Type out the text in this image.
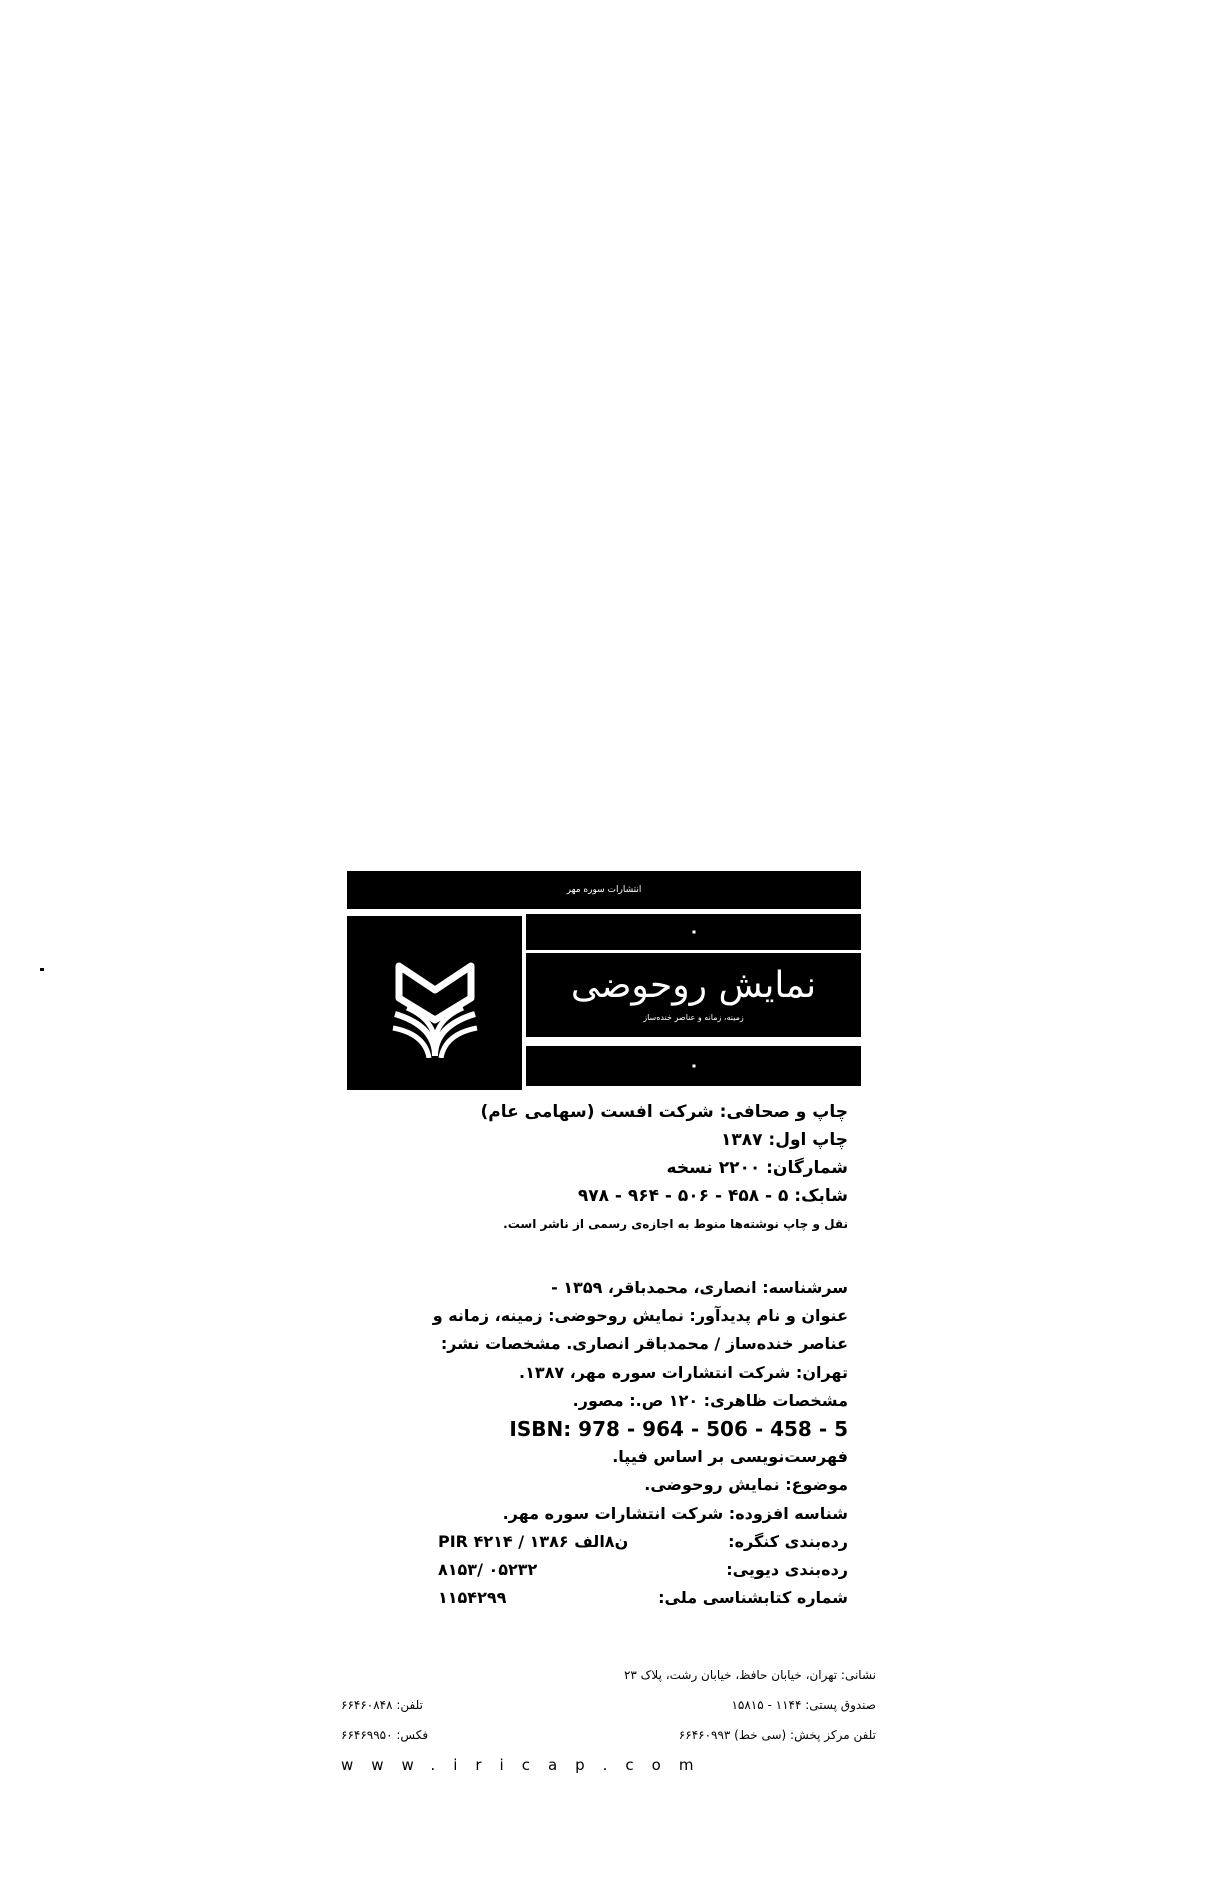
انتشارات سوره مهر
نمایش روحوضی
زمینه، زمانه و عناصر خنده‌ساز
چاپ و صحافی: شرکت افست (سهامی عام)
چاپ اول: ۱۳۸۷
شمارگان: ۲۲۰۰ نسخه
شابک: ۵ - ۴۵۸ - ۵۰۶ - ۹۶۴ - ۹۷۸
نقل و چاپ نوشته‌ها منوط به اجازه‌ی رسمی از ناشر است.
سرشناسه: انصاری، محمدباقر، ۱۳۵۹ -
عنوان و نام پدیدآور: نمایش روحوضی: زمینه، زمانه و
عناصر خنده‌ساز / محمدباقر انصاری. مشخصات نشر:
تهران: شرکت انتشارات سوره مهر، ۱۳۸۷.
مشخصات ظاهری: ۱۲۰ ص.: مصور.
ISBN: 978 - 964 - 506 - 458 - 5
فهرست‌نویسی بر اساس فیپا.
موضوع: نمایش روحوضی.
شناسه افزوده: شرکت انتشارات سوره مهر.
رده‌بندی کنگره:
PIR ۴۲۱۴ / ۱۳۸۶ ن۸الف
رده‌بندی دیویی:
۸۱۵۳/ ۰۵۲۳۲
شماره کتابشناسی ملی:
۱۱۵۴۲۹۹
نشانی: تهران، خیابان حافظ، خیابان رشت، پلاک ۲۳
صندوق پستی: ۱۱۴۴ - ۱۵۸۱۵
تلفن: ۶۶۴۶۰۸۴۸
تلفن مرکز پخش: (سی خط) ۶۶۴۶۰۹۹۳
فکس: ۶۶۴۶۹۹۵۰
www.iricap.com
